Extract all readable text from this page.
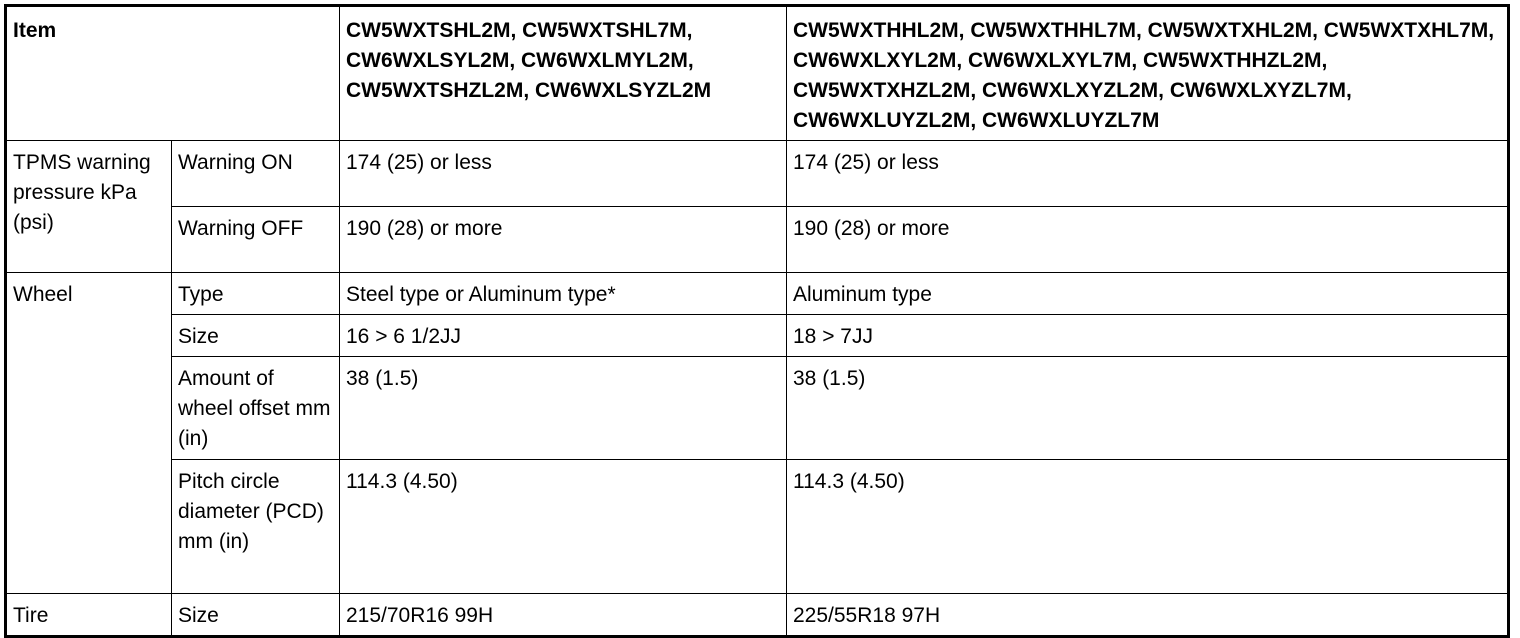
Item		CW5WXTSHL2M, CW5WXTSHL7M, CW6WXLSYL2M, CW6WXLMYL2M, CW5WXTSHZL2M, CW6WXLSYZL2M	CW5WXTHHL2M, CW5WXTHHL7M, CW5WXTXHL2M, CW5WXTXHL7M, CW6WXLXYL2M, CW6WXLXYL7M, CW5WXTHHZL2M, CW5WXTXHZL2M, CW6WXLXYZL2M, CW6WXLXYZL7M, CW6WXLUYZL2M, CW6WXLUYZL7M
TPMS warning pressure kPa (psi)	Warning ON	174 (25) or less	174 (25) or less
	Warning OFF	190 (28) or more	190 (28) or more
Wheel	Type	Steel type or Aluminum type*	Aluminum type
	Size	16 > 6 1/2JJ	18 > 7JJ
	Amount of wheel offset mm (in)	38 (1.5)	38 (1.5)
	Pitch circle diameter (PCD) mm (in)	114.3 (4.50)	114.3 (4.50)
Tire	Size	215/70R16 99H	225/55R18 97H
